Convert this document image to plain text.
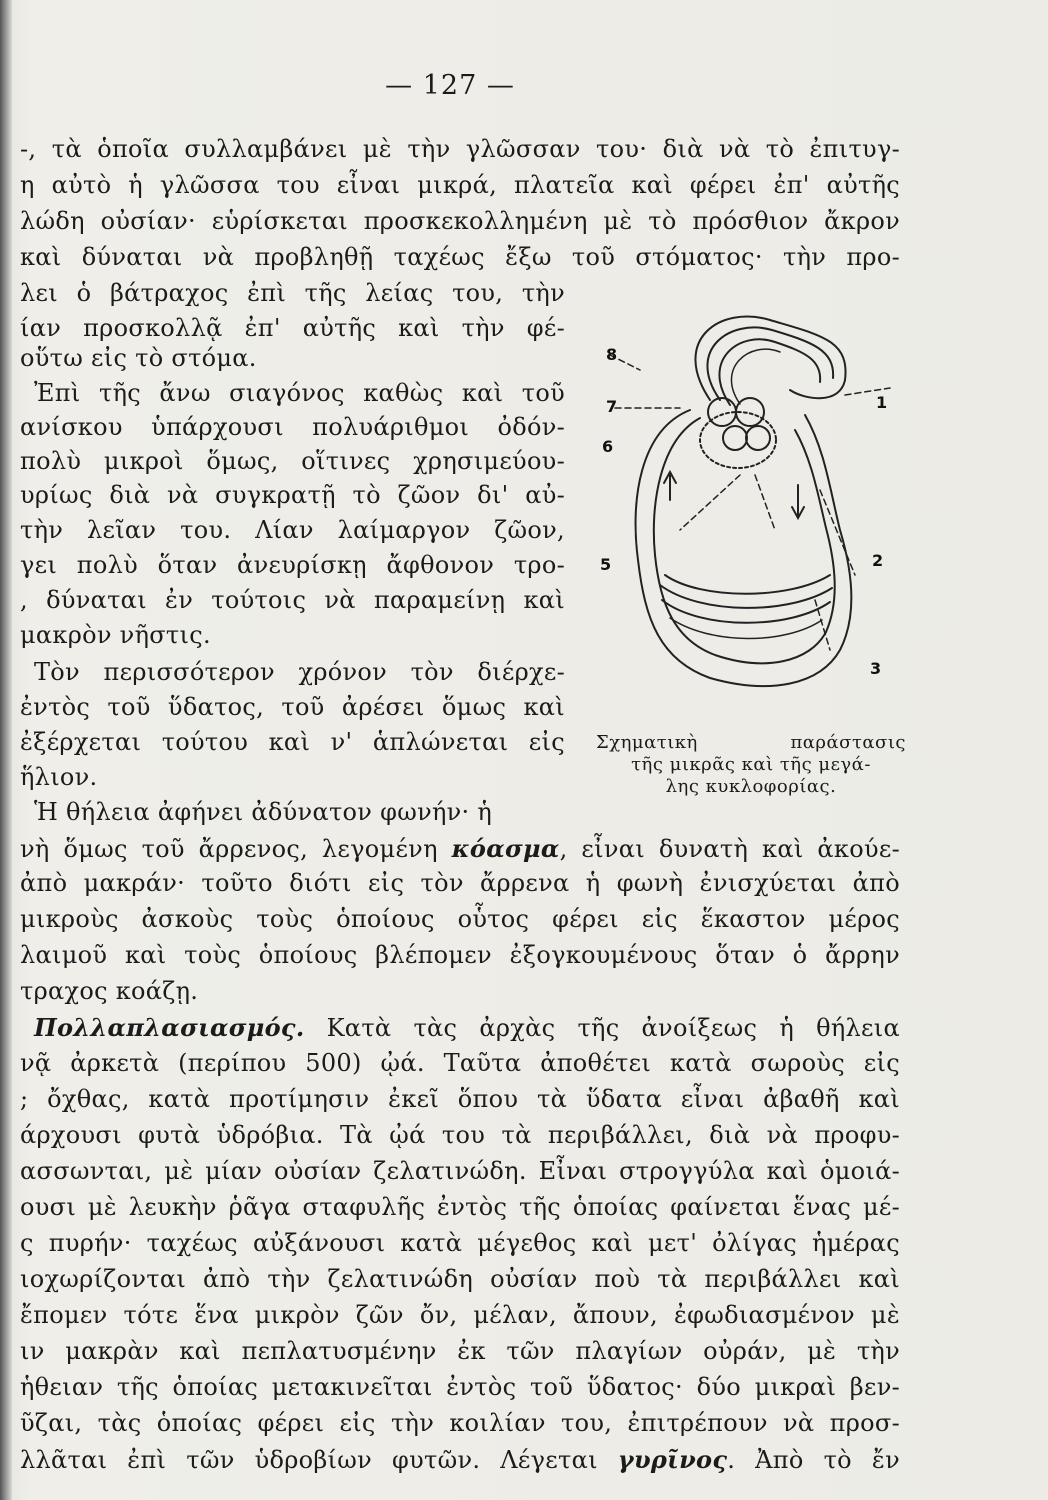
— 127 —
-, τὰ ὁποῖα συλλαμβάνει μὲ τὴν γλῶσσαν του· διὰ νὰ τὸ ἐπιτυγ-
η αὐτὸ ἡ γλῶσσα του εἶναι μικρά, πλατεῖα καὶ φέρει ἐπ' αὐτῆς
λώδη οὐσίαν· εὑρίσκεται προσκεκολλημένη μὲ τὸ πρόσθιον ἄκρον
καὶ δύναται νὰ προβληθῇ ταχέως ἔξω τοῦ στόματος· τὴν προ-
λει ὁ βάτραχος ἐπὶ τῆς λείας του, τὴν
ίαν προσκολλᾷ ἐπ' αὐτῆς καὶ τὴν φέ-
οὕτω εἰς τὸ στόμα.
Ἐπὶ τῆς ἄνω σιαγόνος καθὼς καὶ τοῦ
ανίσκου ὑπάρχουσι πολυάριθμοι ὀδόν-
πολὺ μικροὶ ὅμως, οἵτινες χρησιμεύου-
υρίως διὰ νὰ συγκρατῇ τὸ ζῶον δι' αὐ-
τὴν λεῖαν του. Λίαν λαίμαργον ζῶον,
γει πολὺ ὅταν ἀνευρίσκῃ ἄφθονον τρο-
, δύναται ἐν τούτοις νὰ παραμείνῃ καὶ
μακρὸν νῆστις.
Τὸν περισσότερον χρόνον τὸν διέρχε-
ἐντὸς τοῦ ὕδατος, τοῦ ἀρέσει ὅμως καὶ
ἐξέρχεται τούτου καὶ ν' ἁπλώνεται εἰς
ἥλιον.
Ἡ θήλεια ἀφήνει ἀδύνατον φωνήν· ἡ
νὴ ὅμως τοῦ ἄρρενος, λεγομένη κόασμα, εἶναι δυνατὴ καὶ ἀκούε-
ἀπὸ μακράν· τοῦτο διότι εἰς τὸν ἄρρενα ἡ φωνὴ ἐνισχύεται ἀπὸ
μικροὺς ἀσκοὺς τοὺς ὁποίους οὗτος φέρει εἰς ἕκαστον μέρος
λαιμοῦ καὶ τοὺς ὁποίους βλέπομεν ἐξογκουμένους ὅταν ὁ ἄρρην
τραχος κοάζῃ.
Πολλαπλασιασμός. Κατὰ τὰς ἀρχὰς τῆς ἀνοίξεως ἡ θήλεια
νᾷ ἀρκετὰ (περίπου 500) ᾠά. Ταῦτα ἀποθέτει κατὰ σωροὺς εἰς
; ὄχθας, κατὰ προτίμησιν ἐκεῖ ὅπου τὰ ὕδατα εἶναι ἀβαθῆ καὶ
άρχουσι φυτὰ ὑδρόβια. Τὰ ᾠά του τὰ περιβάλλει, διὰ νὰ προφυ-
ασσωνται, μὲ μίαν οὐσίαν ζελατινώδη. Εἶναι στρογγύλα καὶ ὁμοιά-
ουσι μὲ λευκὴν ῥᾶγα σταφυλῆς ἐντὸς τῆς ὁποίας φαίνεται ἕνας μέ-
ς πυρήν· ταχέως αὐξάνουσι κατὰ μέγεθος καὶ μετ' ὀλίγας ἡμέρας
ιοχωρίζονται ἀπὸ τὴν ζελατινώδη οὐσίαν ποὺ τὰ περιβάλλει καὶ
ἔπομεν τότε ἕνα μικρὸν ζῶν ὄν, μέλαν, ἄπουν, ἐφωδιασμένον μὲ
ιν μακρὰν καὶ πεπλατυσμένην ἐκ τῶν πλαγίων οὐράν, μὲ τὴν
ἡθειαν τῆς ὁποίας μετακινεῖται ἐντὸς τοῦ ὕδατος· δύο μικραὶ βεν-
ῦζαι, τὰς ὁποίας φέρει εἰς τὴν κοιλίαν του, ἐπιτρέπουν νὰ προσ-
λλᾶται ἐπὶ τῶν ὑδροβίων φυτῶν. Λέγεται γυρῖνος. Ἀπὸ τὸ ἔν
8
7
6
5
1
2
3
Σχηματικὴ	παράστασις
τῆς μικρᾶς καὶ τῆς μεγά-
λης κυκλοφορίας.
